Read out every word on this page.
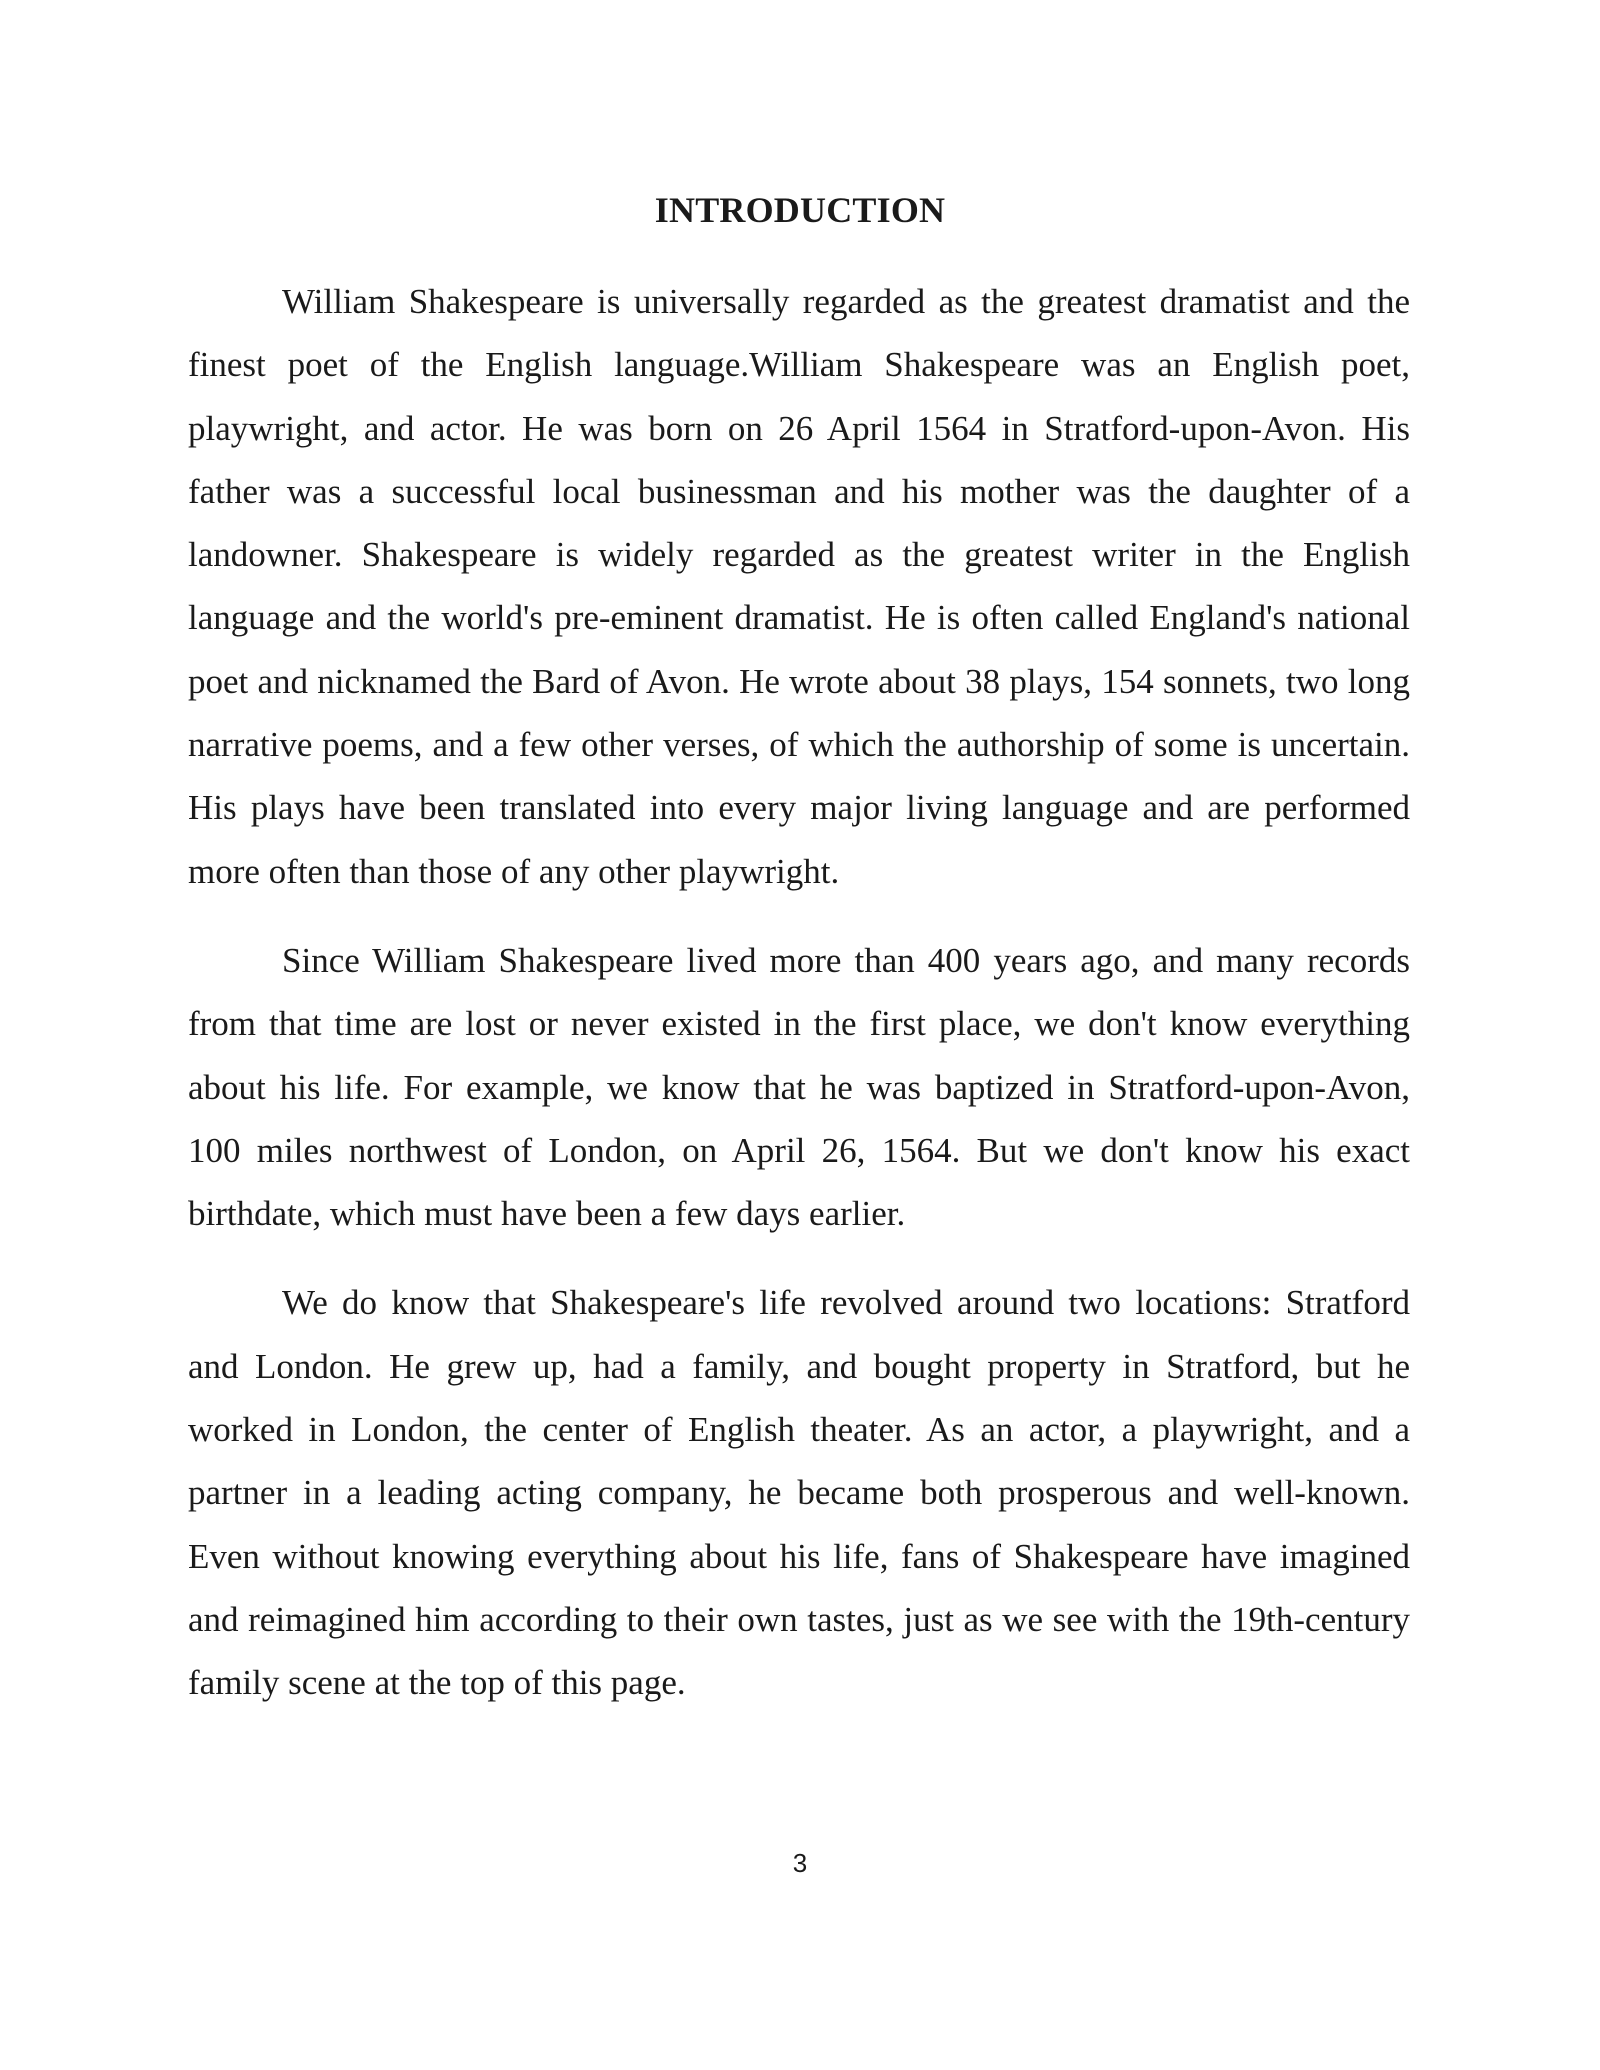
INTRODUCTION

William Shakespeare is universally regarded as the greatest dramatist and the finest poet of the English language.William Shakespeare was an English poet, playwright, and actor. He was born on 26 April 1564 in Stratford-upon-Avon. His father was a successful local businessman and his mother was the daughter of a landowner. Shakespeare is widely regarded as the greatest writer in the English language and the world's pre-eminent dramatist. He is often called England's national poet and nicknamed the Bard of Avon. He wrote about 38 plays, 154 sonnets, two long narrative poems, and a few other verses, of which the authorship of some is uncertain. His plays have been translated into every major living language and are performed more often than those of any other playwright.

Since William Shakespeare lived more than 400 years ago, and many records from that time are lost or never existed in the first place, we don't know everything about his life. For example, we know that he was baptized in Stratford-upon-Avon, 100 miles northwest of London, on April 26, 1564. But we don't know his exact birthdate, which must have been a few days earlier.

We do know that Shakespeare's life revolved around two locations: Stratford and London. He grew up, had a family, and bought property in Stratford, but he worked in London, the center of English theater. As an actor, a playwright, and a partner in a leading acting company, he became both prosperous and well-known. Even without knowing everything about his life, fans of Shakespeare have imagined and reimagined him according to their own tastes, just as we see with the 19th-century family scene at the top of this page.

3
